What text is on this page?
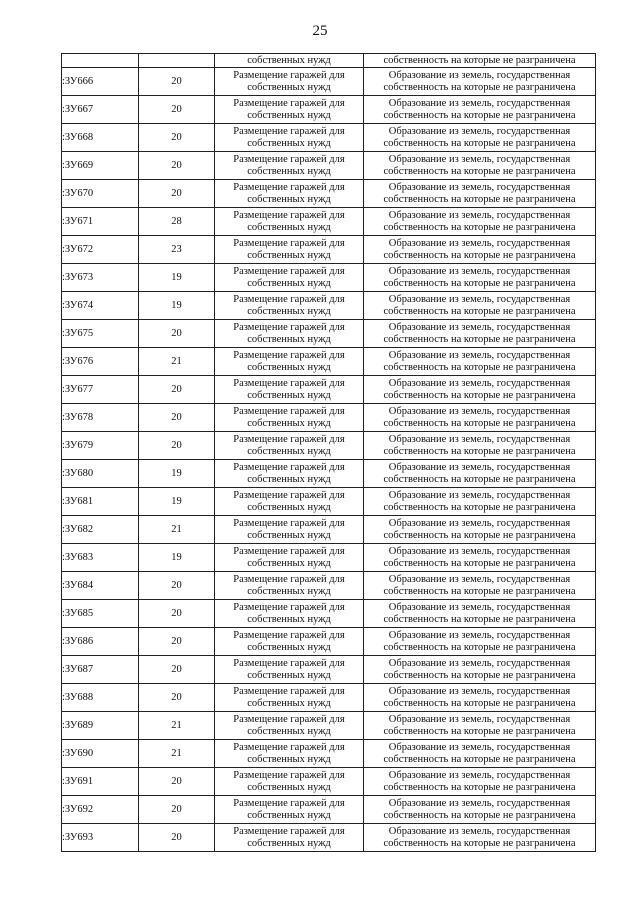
25
		собственных нужд	собственность на которые не разграничена
:ЗУ666	20	Размещение гаражей для
собственных нужд	Образование из земель, государственная
собственность на которые не разграничена

:ЗУ667	20	Размещение гаражей для
собственных нужд	Образование из земель, государственная
собственность на которые не разграничена

:ЗУ668	20	Размещение гаражей для
собственных нужд	Образование из земель, государственная
собственность на которые не разграничена

:ЗУ669	20	Размещение гаражей для
собственных нужд	Образование из земель, государственная
собственность на которые не разграничена

:ЗУ670	20	Размещение гаражей для
собственных нужд	Образование из земель, государственная
собственность на которые не разграничена

:ЗУ671	28	Размещение гаражей для
собственных нужд	Образование из земель, государственная
собственность на которые не разграничена

:ЗУ672	23	Размещение гаражей для
собственных нужд	Образование из земель, государственная
собственность на которые не разграничена

:ЗУ673	19	Размещение гаражей для
собственных нужд	Образование из земель, государственная
собственность на которые не разграничена

:ЗУ674	19	Размещение гаражей для
собственных нужд	Образование из земель, государственная
собственность на которые не разграничена

:ЗУ675	20	Размещение гаражей для
собственных нужд	Образование из земель, государственная
собственность на которые не разграничена

:ЗУ676	21	Размещение гаражей для
собственных нужд	Образование из земель, государственная
собственность на которые не разграничена

:ЗУ677	20	Размещение гаражей для
собственных нужд	Образование из земель, государственная
собственность на которые не разграничена

:ЗУ678	20	Размещение гаражей для
собственных нужд	Образование из земель, государственная
собственность на которые не разграничена

:ЗУ679	20	Размещение гаражей для
собственных нужд	Образование из земель, государственная
собственность на которые не разграничена

:ЗУ680	19	Размещение гаражей для
собственных нужд	Образование из земель, государственная
собственность на которые не разграничена

:ЗУ681	19	Размещение гаражей для
собственных нужд	Образование из земель, государственная
собственность на которые не разграничена

:ЗУ682	21	Размещение гаражей для
собственных нужд	Образование из земель, государственная
собственность на которые не разграничена

:ЗУ683	19	Размещение гаражей для
собственных нужд	Образование из земель, государственная
собственность на которые не разграничена

:ЗУ684	20	Размещение гаражей для
собственных нужд	Образование из земель, государственная
собственность на которые не разграничена

:ЗУ685	20	Размещение гаражей для
собственных нужд	Образование из земель, государственная
собственность на которые не разграничена

:ЗУ686	20	Размещение гаражей для
собственных нужд	Образование из земель, государственная
собственность на которые не разграничена

:ЗУ687	20	Размещение гаражей для
собственных нужд	Образование из земель, государственная
собственность на которые не разграничена

:ЗУ688	20	Размещение гаражей для
собственных нужд	Образование из земель, государственная
собственность на которые не разграничена

:ЗУ689	21	Размещение гаражей для
собственных нужд	Образование из земель, государственная
собственность на которые не разграничена

:ЗУ690	21	Размещение гаражей для
собственных нужд	Образование из земель, государственная
собственность на которые не разграничена

:ЗУ691	20	Размещение гаражей для
собственных нужд	Образование из земель, государственная
собственность на которые не разграничена

:ЗУ692	20	Размещение гаражей для
собственных нужд	Образование из земель, государственная
собственность на которые не разграничена

:ЗУ693	20	Размещение гаражей для
собственных нужд	Образование из земель, государственная
собственность на которые не разграничена
